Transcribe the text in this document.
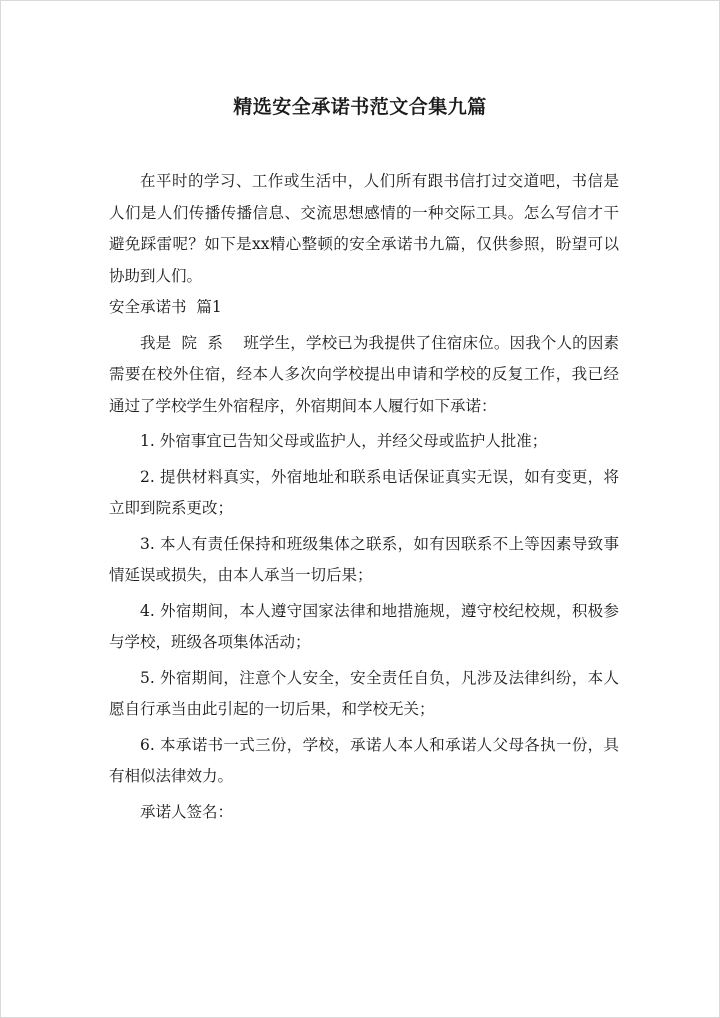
精选安全承诺书范文合集九篇

在平时的学习、工作或生活中，人们所有跟书信打过交道吧，书信是人们是人们传播传播信息、交流思想感情的一种交际工具。怎么写信才干避免踩雷呢？如下是xx精心整顿的安全承诺书九篇，仅供参照，盼望可以协助到人们。

安全承诺书  篇1

我是  院  系    班学生，学校已为我提供了住宿床位。因我个人的因素需要在校外住宿，经本人多次向学校提出申请和学校的反复工作，我已经通过了学校学生外宿程序，外宿期间本人履行如下承诺：

1. 外宿事宜已告知父母或监护人，并经父母或监护人批准；

2. 提供材料真实，外宿地址和联系电话保证真实无误，如有变更，将立即到院系更改；

3. 本人有责任保持和班级集体之联系，如有因联系不上等因素导致事情延误或损失，由本人承当一切后果；

4. 外宿期间，本人遵守国家法律和地措施规，遵守校纪校规，积极参与学校，班级各项集体活动；

5. 外宿期间，注意个人安全，安全责任自负，凡涉及法律纠纷，本人愿自行承当由此引起的一切后果，和学校无关；

6. 本承诺书一式三份，学校，承诺人本人和承诺人父母各执一份，具有相似法律效力。

承诺人签名：
